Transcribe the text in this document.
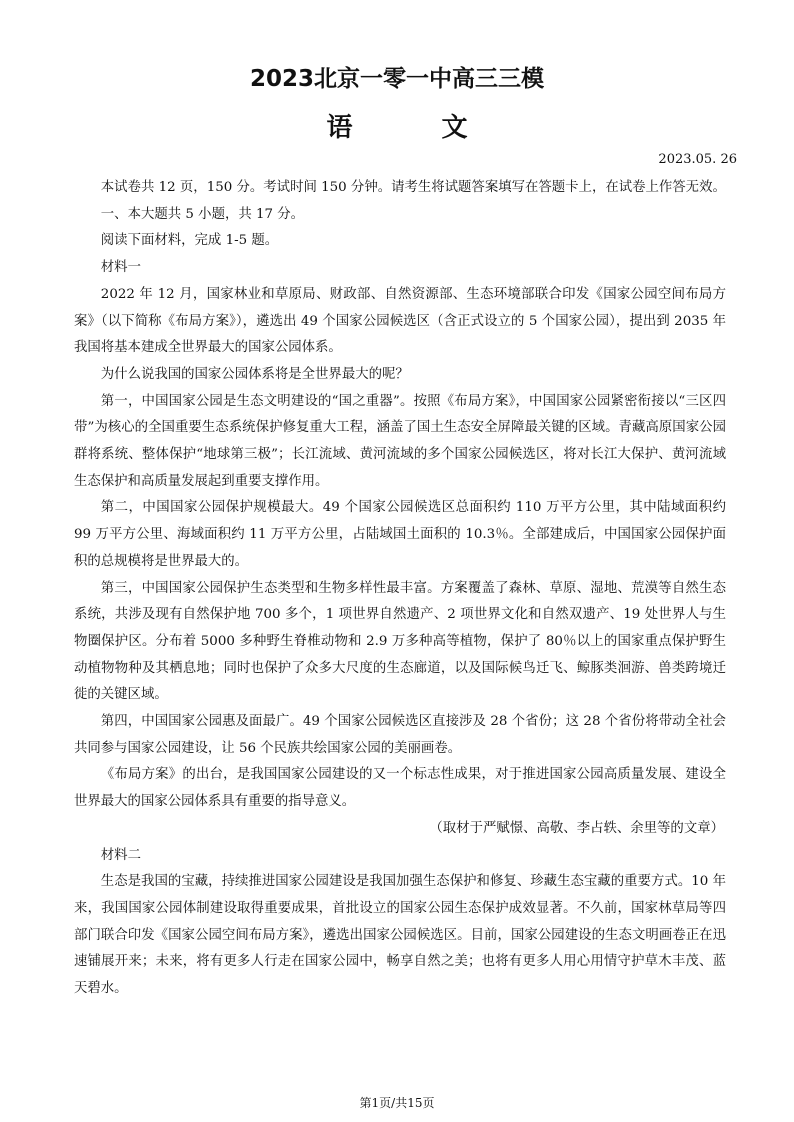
2023北京一零一中高三三模
语 文

2023.05. 26

本试卷共 12 页，150 分。考试时间 150 分钟。请考生将试题答案填写在答题卡上，在试卷上作答无效。

一、本大题共 5 小题，共 17 分。

阅读下面材料，完成 1-5 题。

材料一

2022 年 12 月，国家林业和草原局、财政部、自然资源部、生态环境部联合印发《国家公园空间布局方案》（以下简称《布局方案》），遴选出 49 个国家公园候选区（含正式设立的 5 个国家公园），提出到 2035 年我国将基本建成全世界最大的国家公园体系。

为什么说我国的国家公园体系将是全世界最大的呢？

第一，中国国家公园是生态文明建设的“国之重器”。按照《布局方案》，中国国家公园紧密衔接以“三区四带”为核心的全国重要生态系统保护修复重大工程，涵盖了国土生态安全屏障最关键的区域。青藏高原国家公园群将系统、整体保护“地球第三极”；长江流域、黄河流域的多个国家公园候选区，将对长江大保护、黄河流域生态保护和高质量发展起到重要支撑作用。

第二，中国国家公园保护规模最大。49 个国家公园候选区总面积约 110 万平方公里，其中陆域面积约 99 万平方公里、海域面积约 11 万平方公里，占陆域国土面积的 10.3％。全部建成后，中国国家公园保护面积的总规模将是世界最大的。

第三，中国国家公园保护生态类型和生物多样性最丰富。方案覆盖了森林、草原、湿地、荒漠等自然生态系统，共涉及现有自然保护地 700 多个，1 项世界自然遗产、2 项世界文化和自然双遗产、19 处世界人与生物圈保护区。分布着 5000 多种野生脊椎动物和 2.9 万多种高等植物，保护了 80％以上的国家重点保护野生动植物物种及其栖息地；同时也保护了众多大尺度的生态廊道，以及国际候鸟迁飞、鲸豚类洄游、兽类跨境迁徙的关键区域。

第四，中国国家公园惠及面最广。49 个国家公园候选区直接涉及 28 个省份；这 28 个省份将带动全社会共同参与国家公园建设，让 56 个民族共绘国家公园的美丽画卷。

《布局方案》的出台，是我国国家公园建设的又一个标志性成果，对于推进国家公园高质量发展、建设全世界最大的国家公园体系具有重要的指导意义。

（取材于严赋憬、高敬、李占轶、余里等的文章）

材料二

生态是我国的宝藏，持续推进国家公园建设是我国加强生态保护和修复、珍藏生态宝藏的重要方式。10 年来，我国国家公园体制建设取得重要成果，首批设立的国家公园生态保护成效显著。不久前，国家林草局等四部门联合印发《国家公园空间布局方案》，遴选出国家公园候选区。目前，国家公园建设的生态文明画卷正在迅速铺展开来；未来，将有更多人行走在国家公园中，畅享自然之美；也将有更多人用心用情守护草木丰茂、蓝天碧水。

第1页/共15页
